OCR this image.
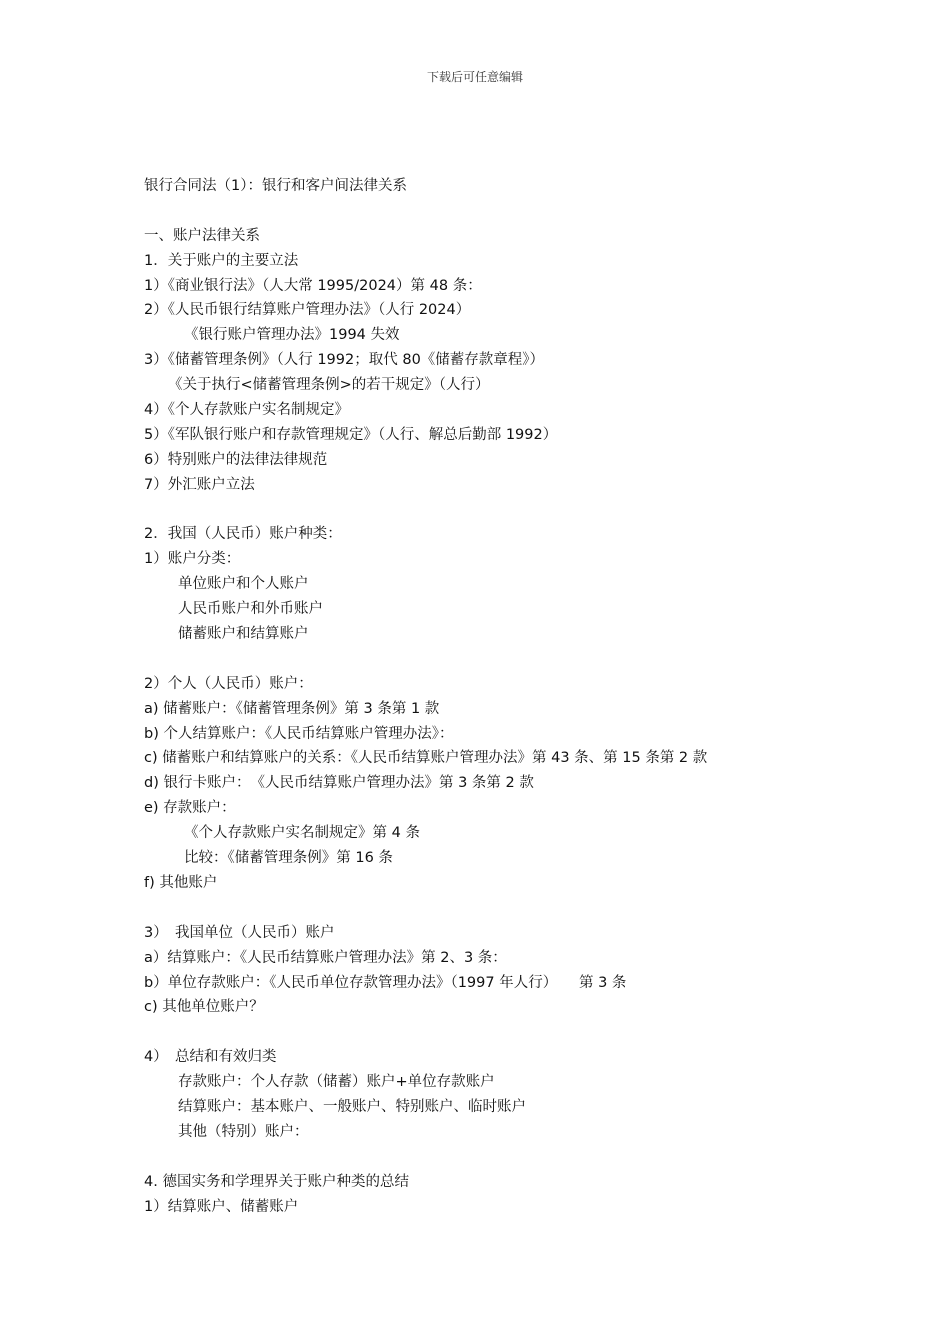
下载后可任意编辑
银行合同法（1）：银行和客户间法律关系
一、账户法律关系
1．关于账户的主要立法
1）《商业银行法》（人大常 1995/2024）第 48 条：
2）《人民币银行结算账户管理办法》（人行 2024）
《银行账户管理办法》1994 失效
3）《储蓄管理条例》（人行 1992；取代 80《储蓄存款章程》）
《关于执行<储蓄管理条例>的若干规定》（人行）
4）《个人存款账户实名制规定》
5）《军队银行账户和存款管理规定》（人行、解总后勤部 1992）
6）特别账户的法律法律规范
7）外汇账户立法
2．我国（人民币）账户种类：
1）账户分类：
单位账户和个人账户
人民币账户和外币账户
储蓄账户和结算账户
2）个人（人民币）账户：
a) 储蓄账户：《储蓄管理条例》第 3 条第 1 款
b) 个人结算账户：《人民币结算账户管理办法》：
c) 储蓄账户和结算账户的关系：《人民币结算账户管理办法》第 43 条、第 15 条第 2 款
d) 银行卡账户：　《人民币结算账户管理办法》第 3 条第 2 款
e) 存款账户：
《个人存款账户实名制规定》第 4 条
比较：《储蓄管理条例》第 16 条
f) 其他账户
3）　我国单位（人民币）账户
a）结算账户：《人民币结算账户管理办法》第 2、3 条：
b）单位存款账户：《人民币单位存款管理办法》（1997 年人行）　　第 3 条
c) 其他单位账户？
4）　总结和有效归类
存款账户：个人存款（储蓄）账户+单位存款账户
结算账户：基本账户、一般账户、特别账户、临时账户
其他（特别）账户：
4. 德国实务和学理界关于账户种类的总结
1）结算账户、储蓄账户
